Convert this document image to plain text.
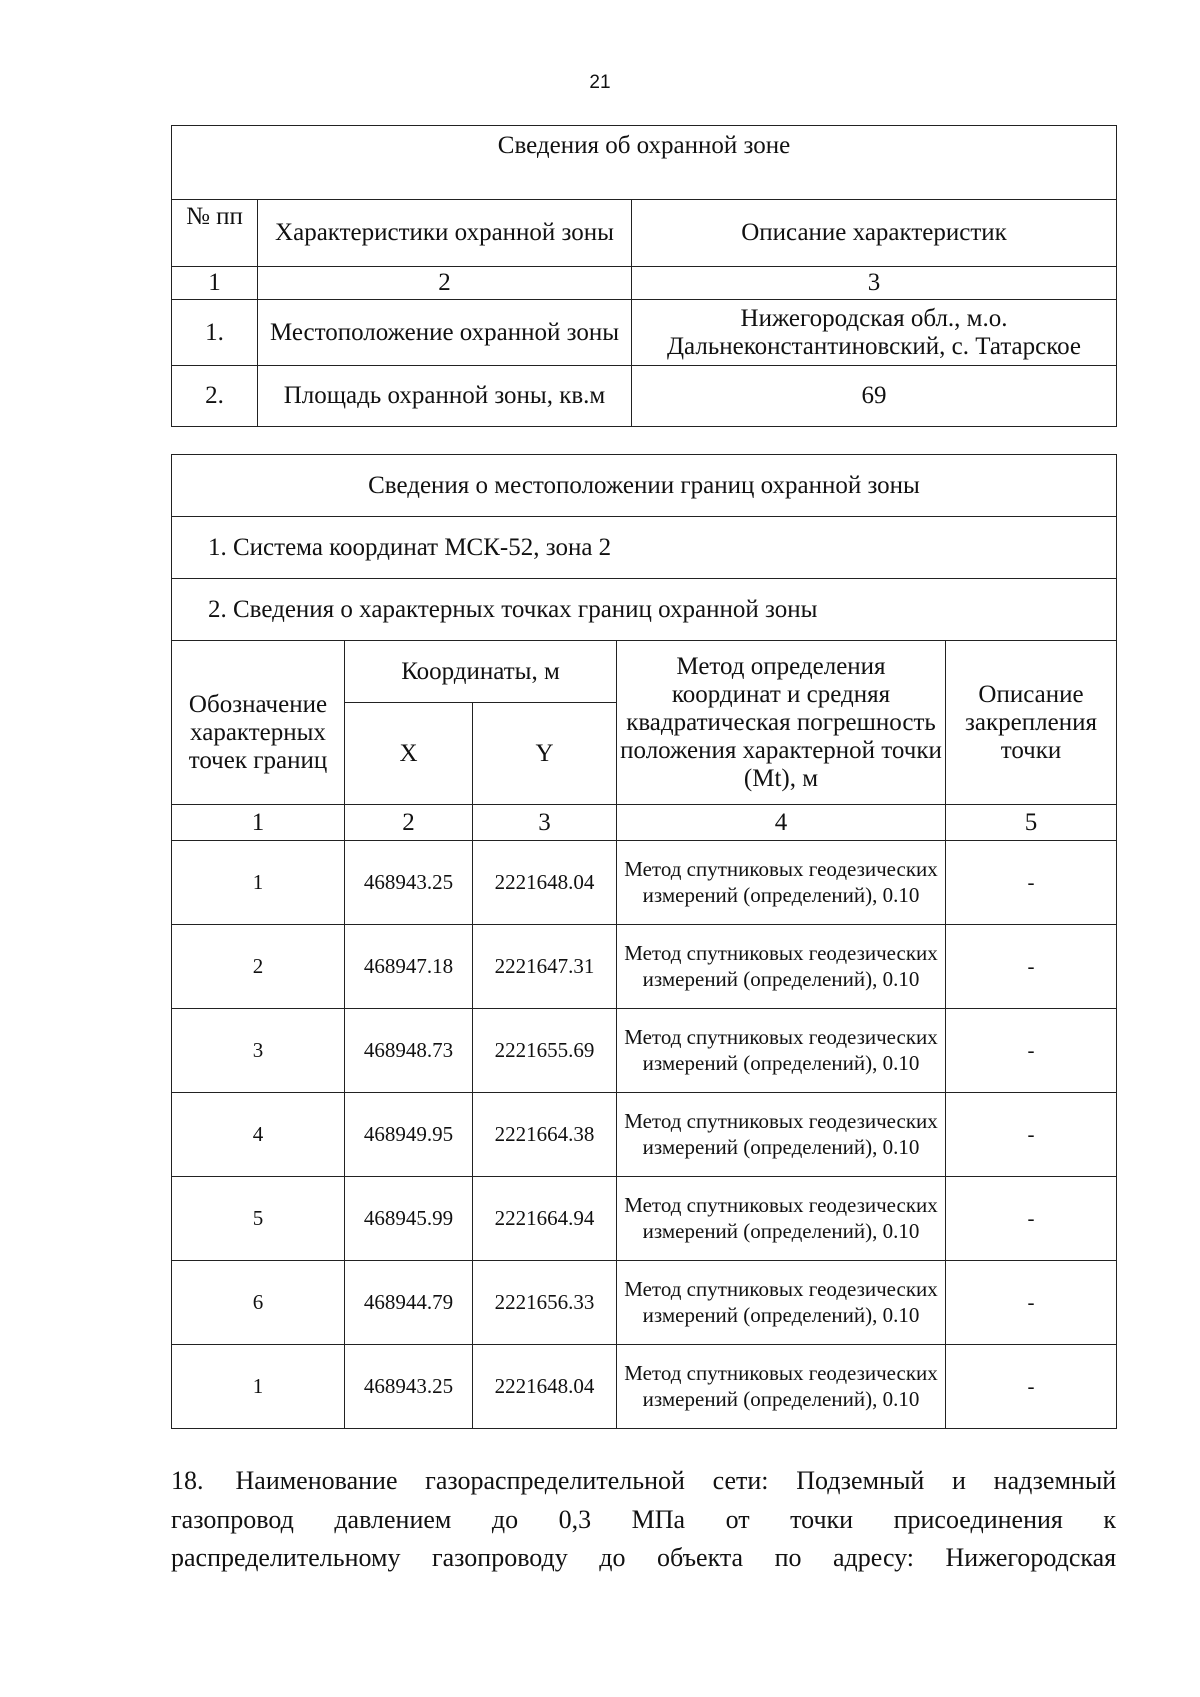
21
Сведения об охранной зоне		
№ пп	Характеристики охранной зоны	Описание характеристик
1	2	3
1.	Местоположение охранной зоны	Нижегородская обл., м.о. Дальнеконстантиновский, с. Татарское
2.	Площадь охранной зоны, кв.м	69
Сведения о местоположении границ охранной зоны				
1. Система координат МСК-52, зона 2				
2. Сведения о характерных точках границ охранной зоны				
Обозначение характерных точек границ	Координаты, м		Метод определения координат и средняя квадратическая погрешность положения характерной точки (Mt), м	Описание закрепления точки
	X	Y		
1	2	3	4	5
1	468943.25	2221648.04	Метод спутниковых геодезических измерений (определений), 0.10	-
2	468947.18	2221647.31	Метод спутниковых геодезических измерений (определений), 0.10	-
3	468948.73	2221655.69	Метод спутниковых геодезических измерений (определений), 0.10	-
4	468949.95	2221664.38	Метод спутниковых геодезических измерений (определений), 0.10	-
5	468945.99	2221664.94	Метод спутниковых геодезических измерений (определений), 0.10	-
6	468944.79	2221656.33	Метод спутниковых геодезических измерений (определений), 0.10	-
1	468943.25	2221648.04	Метод спутниковых геодезических измерений (определений), 0.10	-
18. Наименование газораспределительной сети: Подземный и надземный
газопровод давлением до 0,3 МПа от точки присоединения к
распределительному газопроводу до объекта по адресу: Нижегородская
